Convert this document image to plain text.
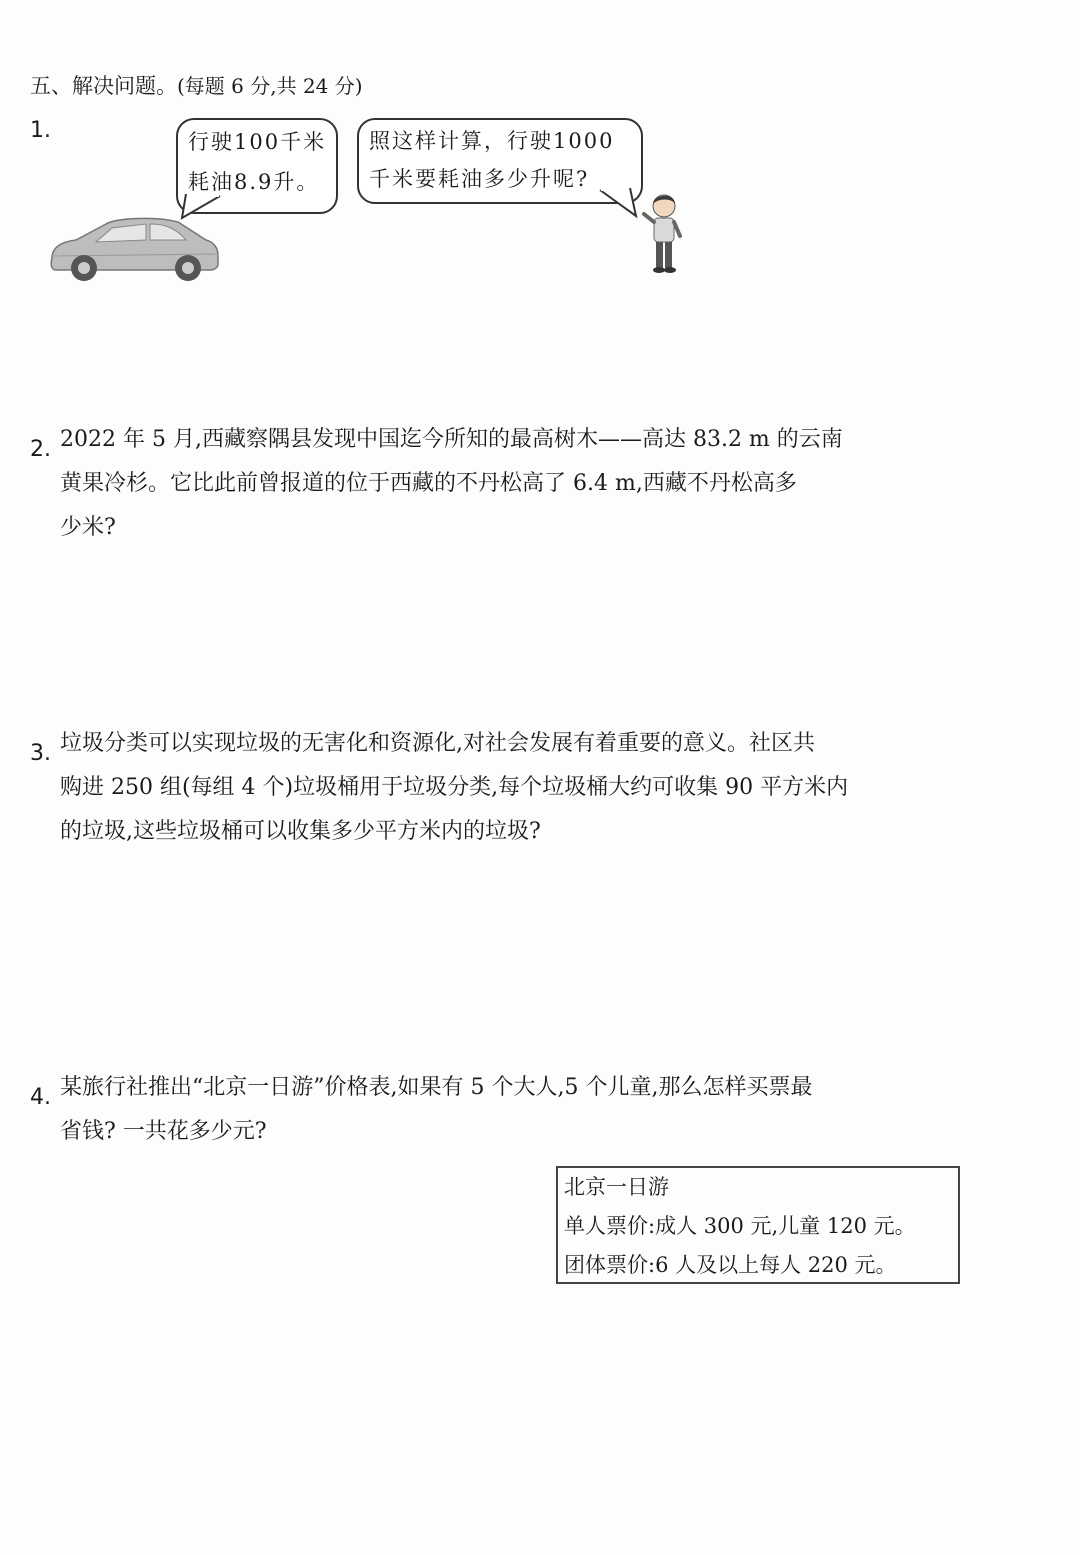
五、解决问题。(每题 6 分,共 24 分)
1.	行驶100千米
耗油8.9升。
照这样计算，行驶1000
千米要耗油多少升呢?
2. 2022 年 5 月,西藏察隅县发现中国迄今所知的最高树木——高达 83.2 m 的云南
黄果冷杉。它比此前曾报道的位于西藏的不丹松高了 6.4 m,西藏不丹松高多
少米?
3. 垃圾分类可以实现垃圾的无害化和资源化,对社会发展有着重要的意义。社区共
购进 250 组(每组 4 个)垃圾桶用于垃圾分类,每个垃圾桶大约可收集 90 平方米内
的垃圾,这些垃圾桶可以收集多少平方米内的垃圾?
4. 某旅行社推出“北京一日游”价格表,如果有 5 个大人,5 个儿童,那么怎样买票最
省钱? 一共花多少元?
北京一日游
单人票价:成人 300 元,儿童 120 元。
团体票价:6 人及以上每人 220 元。
